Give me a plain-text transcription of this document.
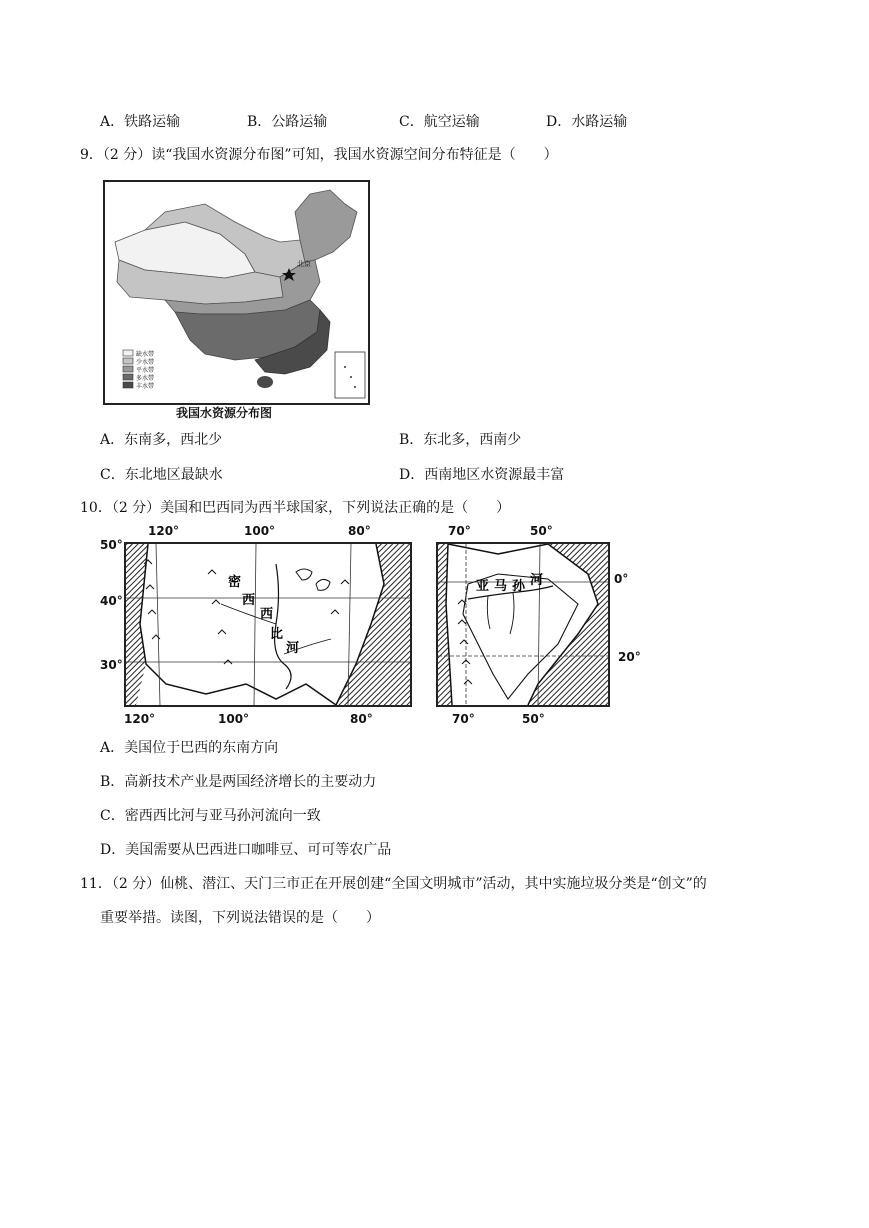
A．铁路运输	B．公路运输	C．航空运输	D．水路运输
9．（2 分）读“我国水资源分布图”可知，我国水资源空间分布特征是（　　）
北京
缺水带
少水带
平水带
多水带
丰水带
我国水资源分布图
A．东南多，西北少	B．东北多，西南少
C．东北地区最缺水	D．西南地区水资源最丰富
10．（2 分）美国和巴西同为西半球国家，下列说法正确的是（　　）
120°	100°	80°
50°
40°
30°
密
西
西
比
河
120°	100°	80°
70°	50°
亚 马 孙 河	0°
20°
70°	50°
A．美国位于巴西的东南方向
B．高新技术产业是两国经济增长的主要动力
C．密西西比河与亚马孙河流向一致
D．美国需要从巴西进口咖啡豆、可可等农广品
11．（2 分）仙桃、潜江、天门三市正在开展创建“全国文明城市”活动，其中实施垃圾分类是“创文”的
重要举措。读图，下列说法错误的是（　　）
